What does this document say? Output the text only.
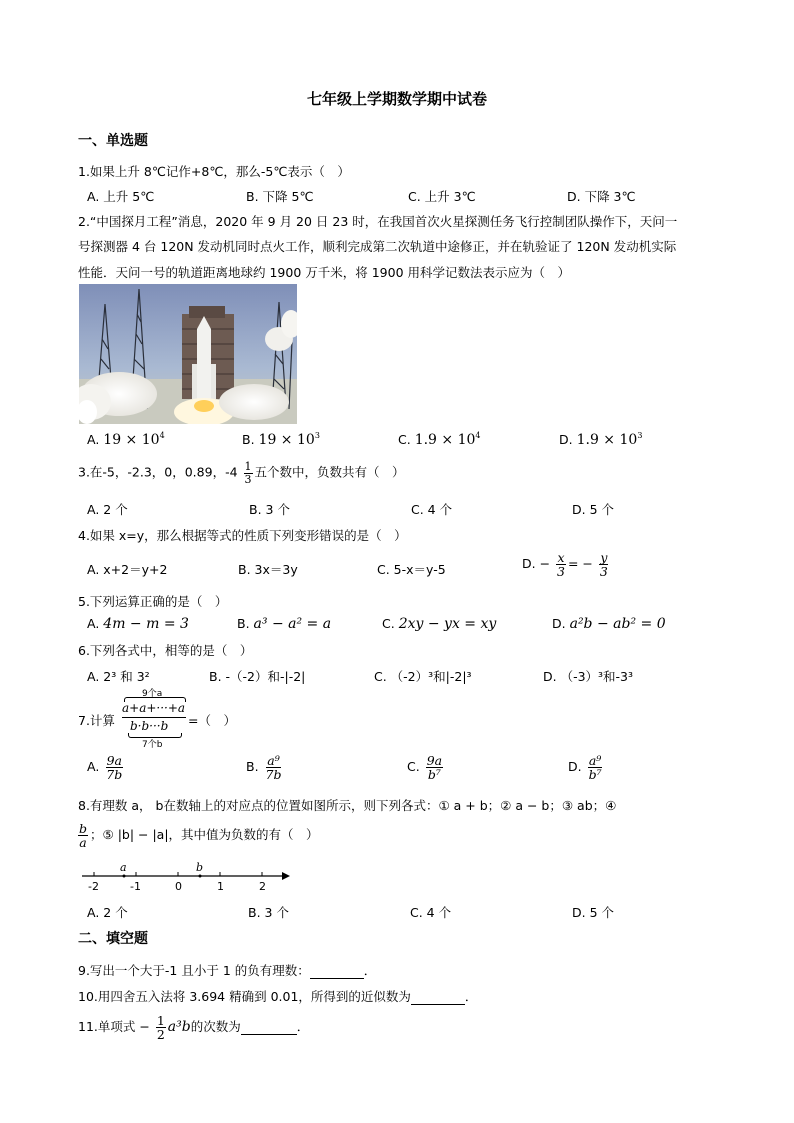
七年级上学期数学期中试卷
一、单选题
1.如果上升 8℃记作+8℃，那么-5℃表示（　）
A. 上升 5℃	B. 下降 5℃	C. 上升 3℃	D. 下降 3℃
2.“中国探月工程”消息，2020 年 9 月 20 日 23 时，在我国首次火星探测任务飞行控制团队操作下，天问一
号探测器 4 台 120N 发动机同时点火工作，顺利完成第二次轨道中途修正，并在轨验证了 120N 发动机实际
性能．天问一号的轨道距离地球约 1900 万千米，将 1900 用科学记数法表示应为（　）
A. $19 \times 10^4$	B. $19 \times 10^3$	C. $1.9 \times 10^4$	D. $1.9 \times 10^3$
3.在-5，-2.3，0，0.89，$-4 \frac{1}{3}$ 五个数中，负数共有（　）
A. 2 个	B. 3 个	C. 4 个	D. 5 个
4.如果 x=y，那么根据等式的性质下列变形错误的是（　）
A. x+2＝y+2	B. 3x＝3y	C. 5-x＝y-5	D. − $\frac{x}{3}$ = − $\frac{y}{3}$
5.下列运算正确的是（　）
A. 4m − m = 3	B. a³ − a² = a	C. 2xy − yx = xy	D. a²b − ab² = 0
6.下列各式中，相等的是（　）
A. 2³ 和 3²	B. -（-2）和-|-2|	C. （-2）³和|-2|³	D. （-3）³和-3³
7.计算
9个a
a+a+···+a
b·b···b
7个b
=（　）
A. $\frac{9a}{7b}$	B. $\frac{\text{a⁹}}{7b}$	C. $\frac{9a}{\text{b⁷}}$	D. $\frac{\text{a⁹}}{\text{b⁷}}$
8.有理数 a， b在数轴上的对应点的位置如图所示，则下列各式：① a + b；② a − b；③ ab；④
$\frac{b}{a}$ ；⑤ |b| − |a|，其中值为负数的有（　）
a	b
-2	-1	0	1	2
A. 2 个	B. 3 个	C. 4 个	D. 5 个
二、填空题
9.写出一个大于-1 且小于 1 的负有理数：	．
10.用四舍五入法将 3.694 精确到 0.01，所得到的近似数为	．
11.单项式 − $\frac{1}{2} a^3b$的次数为	．
